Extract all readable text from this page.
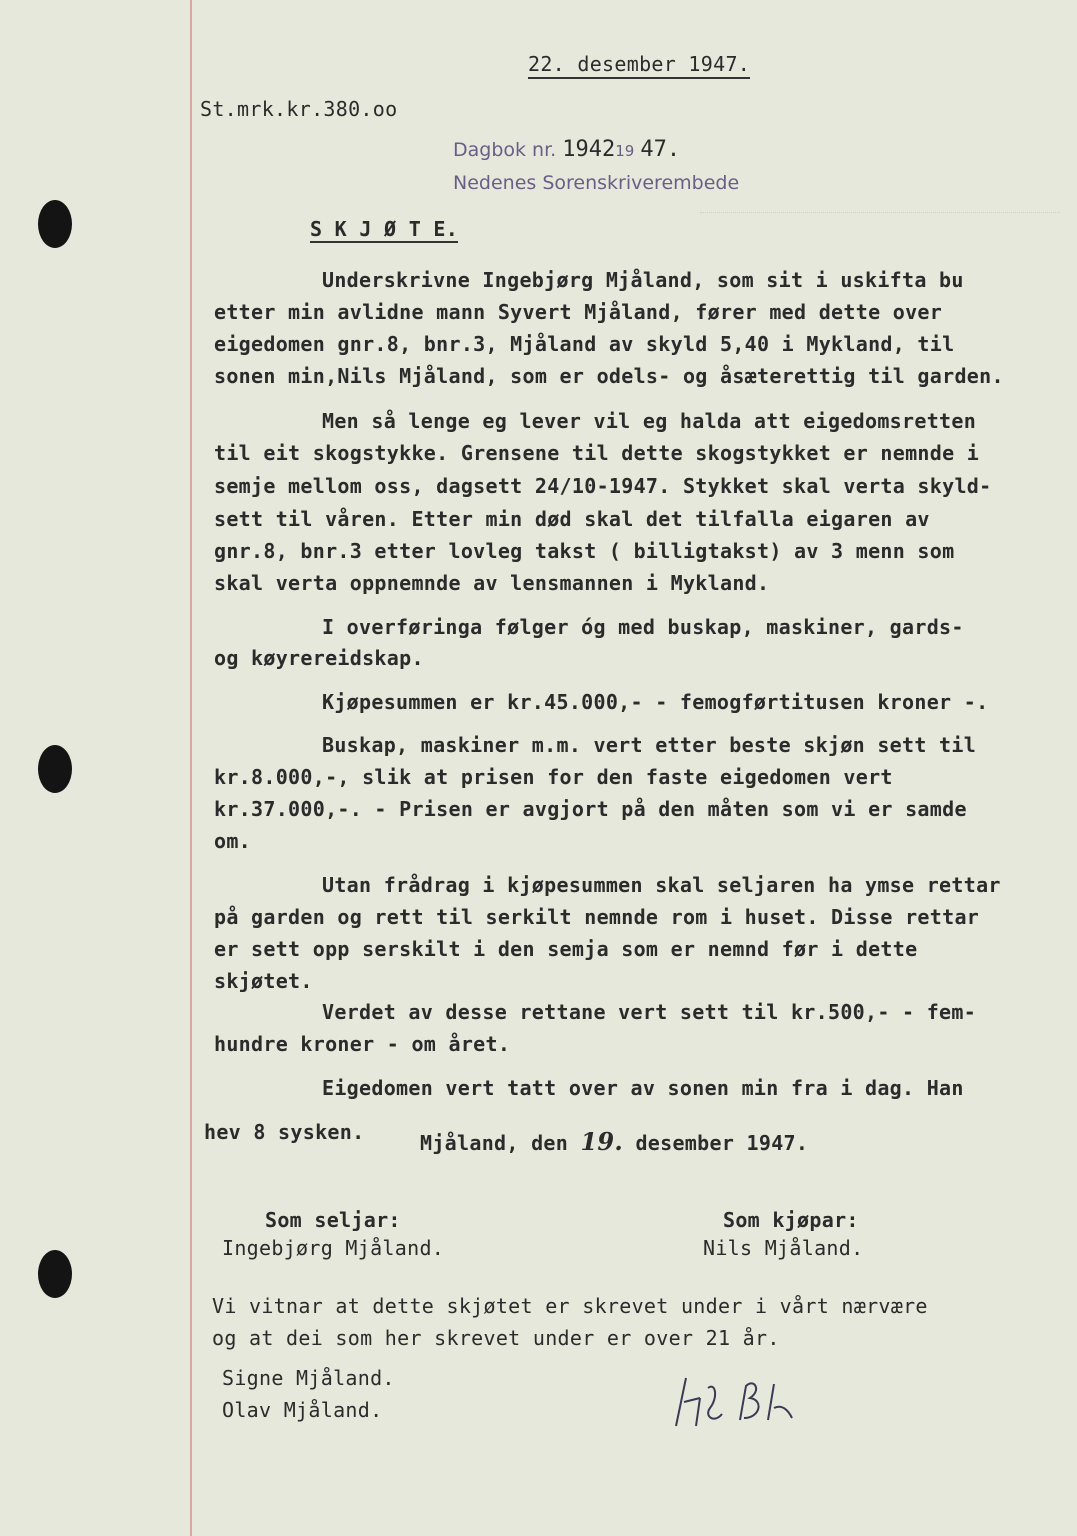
22. desember 1947.
St.mrk.kr.380.oo
Dagbok nr. 194219 47.
Nedenes Sorenskriverembede
S K J Ø T E.
Underskrivne Ingebjørg Mjåland, som sit i uskifta bu
etter min avlidne mann Syvert Mjåland, fører med dette over
eigedomen gnr.8, bnr.3, Mjåland av skyld 5,40 i Mykland, til
sonen min,Nils Mjåland, som er odels- og åsæterettig til garden.
Men så lenge eg lever vil eg halda att eigedomsretten
til eit skogstykke. Grensene til dette skogstykket er nemnde i
semje mellom oss, dagsett 24/10-1947. Stykket skal verta skyld-
sett til våren. Etter min død skal det tilfalla eigaren av
gnr.8, bnr.3 etter lovleg takst ( billigtakst) av 3 menn som
skal verta oppnemnde av lensmannen i Mykland.
I overføringa følger óg med buskap, maskiner, gards-
og køyrereidskap.
Kjøpesummen er kr.45.000,- - femogførtitusen kroner -.
Buskap, maskiner m.m. vert etter beste skjøn sett til
kr.8.000,-, slik at prisen for den faste eigedomen vert
kr.37.000,-. - Prisen er avgjort på den måten som vi er samde
om.
Utan frådrag i kjøpesummen skal seljaren ha ymse rettar
på garden og rett til serkilt nemnde rom i huset. Disse rettar
er sett opp serskilt i den semja som er nemnd før i dette
skjøtet.
Verdet av desse rettane vert sett til kr.500,- - fem-
hundre kroner - om året.
Eigedomen vert tatt over av sonen min fra i dag. Han
hev 8 sysken.	Mjåland, den 19. desember 1947.
Som seljar:
Ingebjørg Mjåland.
Som kjøpar:
Nils Mjåland.
Vi vitnar at dette skjøtet er skrevet under i vårt nærvære
og at dei som her skrevet under er over 21 år.
Signe Mjåland.
Olav Mjåland.
